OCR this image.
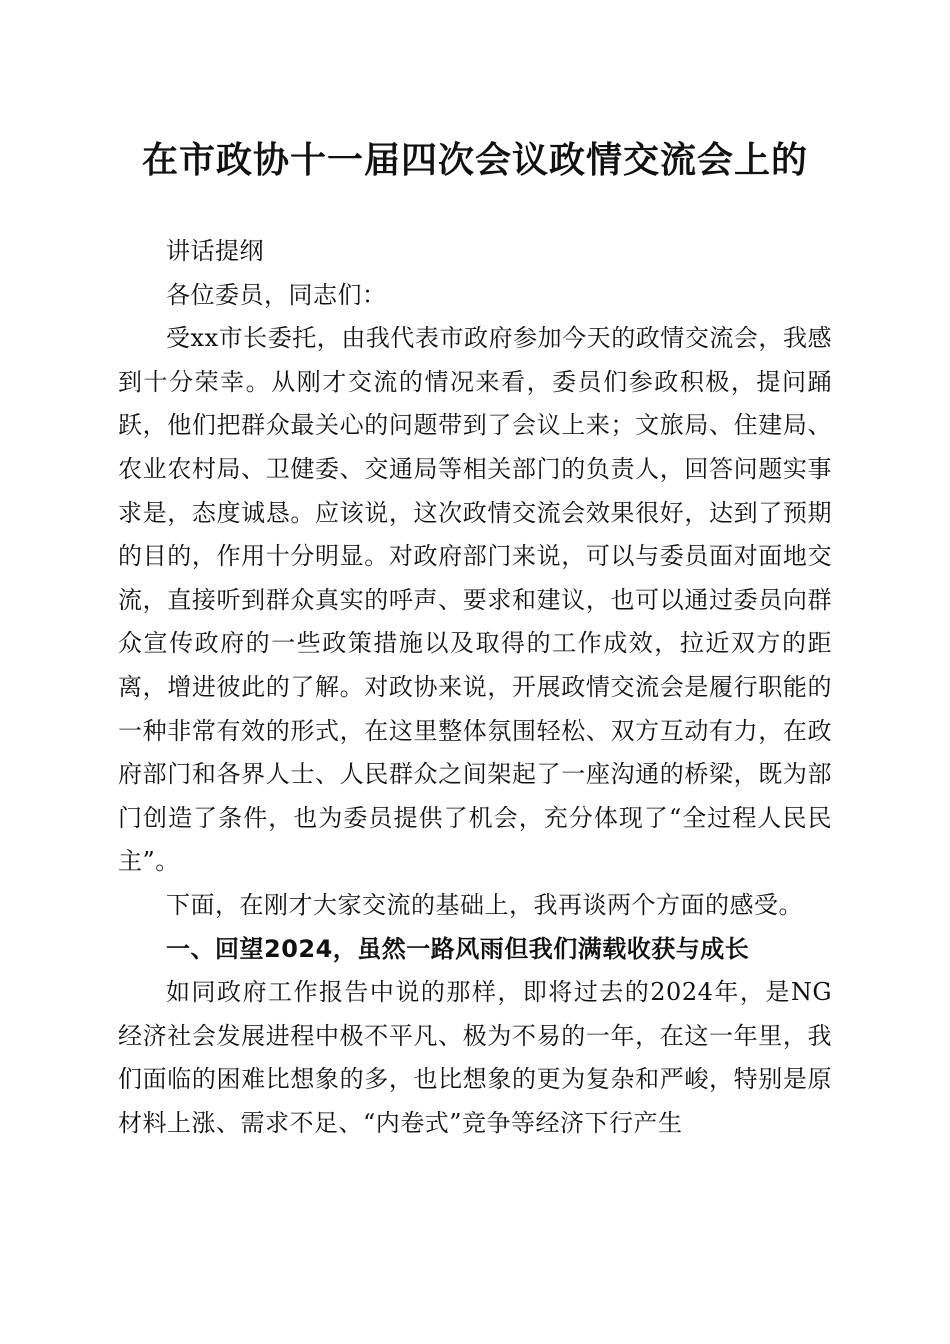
在市政协十一届四次会议政情交流会上的

讲话提纲

各位委员，同志们：

受xx市长委托，由我代表市政府参加今天的政情交流会，我感到十分荣幸。从刚才交流的情况来看，委员们参政积极，提问踊跃，他们把群众最关心的问题带到了会议上来；文旅局、住建局、农业农村局、卫健委、交通局等相关部门的负责人，回答问题实事求是，态度诚恳。应该说，这次政情交流会效果很好，达到了预期的目的，作用十分明显。对政府部门来说，可以与委员面对面地交流，直接听到群众真实的呼声、要求和建议，也可以通过委员向群众宣传政府的一些政策措施以及取得的工作成效，拉近双方的距离，增进彼此的了解。对政协来说，开展政情交流会是履行职能的一种非常有效的形式，在这里整体氛围轻松、双方互动有力，在政府部门和各界人士、人民群众之间架起了一座沟通的桥梁，既为部门创造了条件，也为委员提供了机会，充分体现了“全过程人民民主”。

下面，在刚才大家交流的基础上，我再谈两个方面的感受。

一、回望2024，虽然一路风雨但我们满载收获与成长

如同政府工作报告中说的那样，即将过去的2024年，是NG经济社会发展进程中极不平凡、极为不易的一年，在这一年里，我们面临的困难比想象的多，也比想象的更为复杂和严峻，特别是原材料上涨、需求不足、“内卷式”竞争等经济下行产生
